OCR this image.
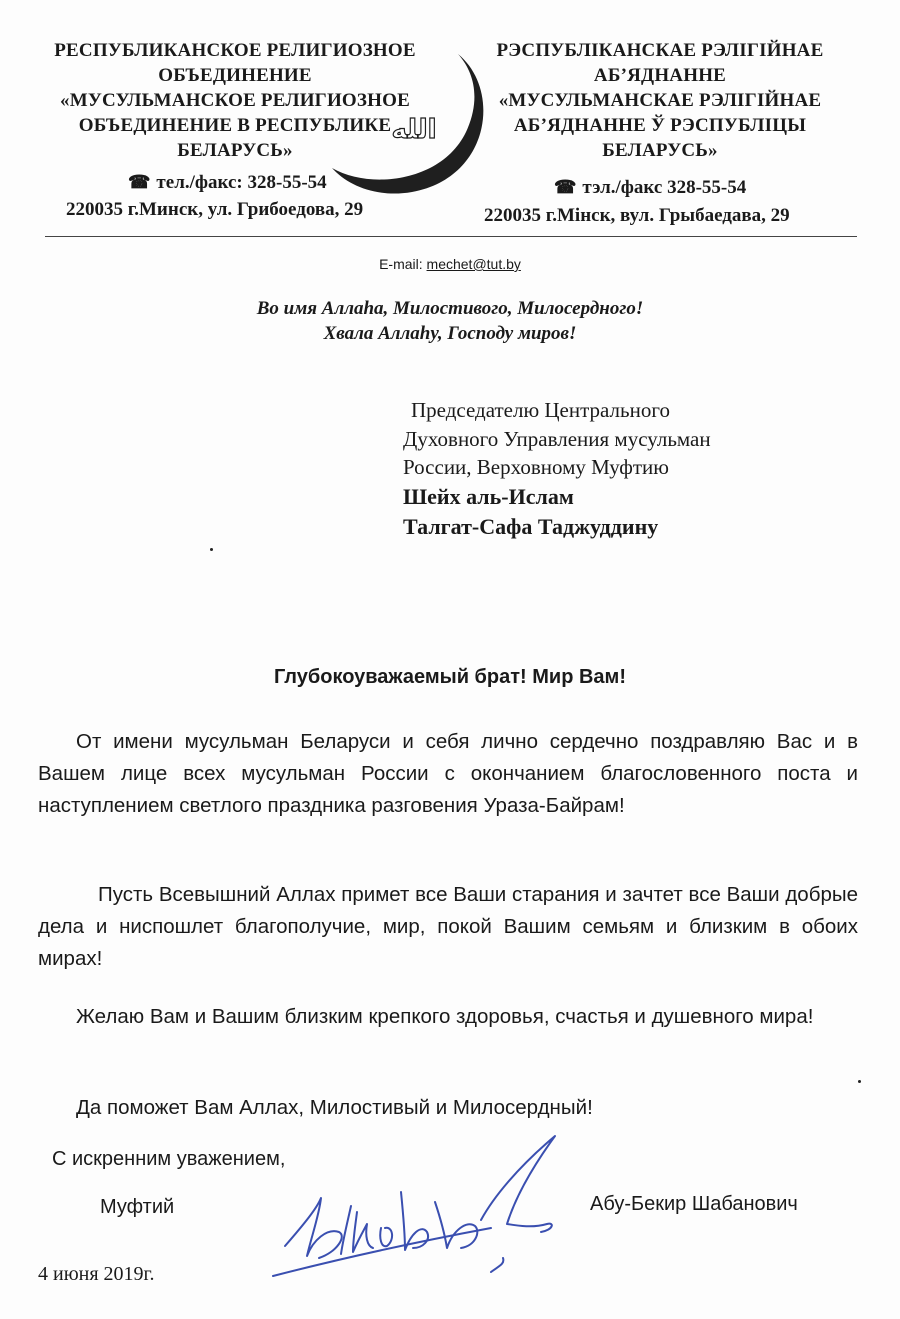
РЕСПУБЛИКАНСКОЕ РЕЛИГИОЗНОЕ
ОБЪЕДИНЕНИЕ
«МУСУЛЬМАНСКОЕ РЕЛИГИОЗНОЕ
ОБЪЕДИНЕНИЕ В РЕСПУБЛИКЕ
БЕЛАРУСЬ»
☎ тел./факс: 328-55-54
220035 г.Минск, ул. Грибоедова, 29
РЭСПУБЛІКАНСКАЕ РЭЛІГІЙНАЕ
АБ’ЯДНАННЕ
«МУСУЛЬМАНСКАЕ РЭЛІГІЙНАЕ
АБ’ЯДНАННЕ Ў РЭСПУБЛІЦЫ
БЕЛАРУСЬ»
☎ тэл./факс 328-55-54
220035 г.Мінск, вул. Грыбаедава, 29
الله
E-mail: mechet@tut.by
Во имя Аллаhа, Милостивого, Милосердного!
Хвала Аллаhу, Господу миров!
Председателю Центрального
Духовного Управления мусульман
России, Верховному Муфтию
Шейх аль-Ислам
Талгат-Сафа Таджуддину
Глубокоуважаемый брат! Мир Вам!
От имени мусульман Беларуси и себя лично сердечно поздравляю Вас и в Вашем лице всех мусульман России с окончанием благословенного поста и наступлением светлого праздника разговения Ураза-Байрам!
Пусть Всевышний Аллах примет все Ваши старания и зачтет все Ваши добрые дела и ниспошлет благополучие, мир, покой Вашим семьям и близким в обоих мирах!
Желаю Вам и Вашим близким крепкого здоровья, счастья и душевного мира!
Да поможет Вам Аллах, Милостивый и Милосердный!
С искренним уважением,
Муфтий	Абу-Бекир Шабанович
4 июня 2019г.
